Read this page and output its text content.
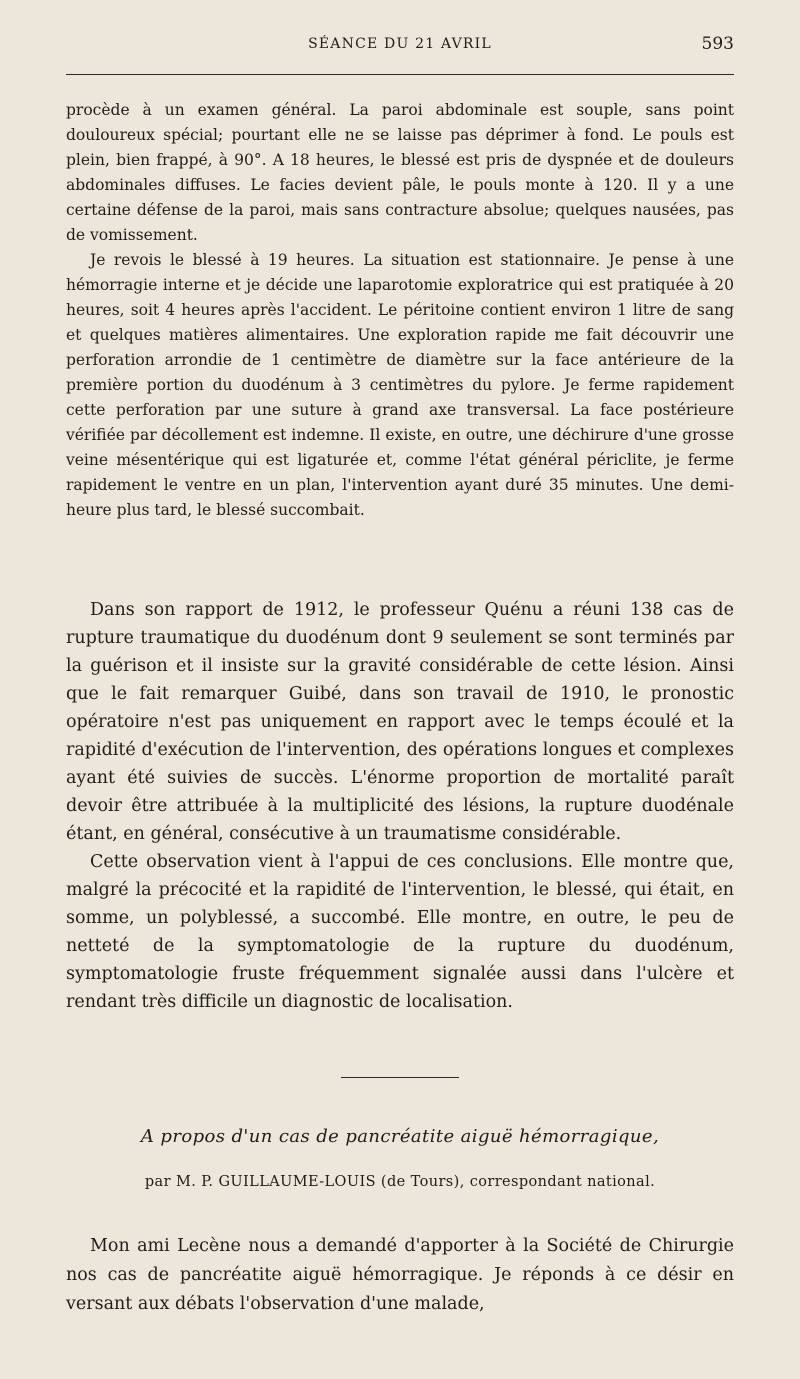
SÉANCE DU 21 AVRIL	593

procède à un examen général. La paroi abdominale est souple, sans point douloureux spécial; pourtant elle ne se laisse pas déprimer à fond. Le pouls est plein, bien frappé, à 90°. A 18 heures, le blessé est pris de dyspnée et de douleurs abdominales diffuses. Le facies devient pâle, le pouls monte à 120. Il y a une certaine défense de la paroi, mais sans contracture absolue; quelques nausées, pas de vomissement.

Je revois le blessé à 19 heures. La situation est stationnaire. Je pense à une hémorragie interne et je décide une laparotomie exploratrice qui est pratiquée à 20 heures, soit 4 heures après l'accident. Le péritoine contient environ 1 litre de sang et quelques matières alimentaires. Une exploration rapide me fait découvrir une perforation arrondie de 1 centimètre de diamètre sur la face antérieure de la première portion du duodénum à 3 centimètres du pylore. Je ferme rapidement cette perforation par une suture à grand axe transversal. La face postérieure vérifiée par décollement est indemne. Il existe, en outre, une déchirure d'une grosse veine mésentérique qui est ligaturée et, comme l'état général périclite, je ferme rapidement le ventre en un plan, l'intervention ayant duré 35 minutes. Une demi-heure plus tard, le blessé succombait.

Dans son rapport de 1912, le professeur Quénu a réuni 138 cas de rupture traumatique du duodénum dont 9 seulement se sont terminés par la guérison et il insiste sur la gravité considérable de cette lésion. Ainsi que le fait remarquer Guibé, dans son travail de 1910, le pronostic opératoire n'est pas uniquement en rapport avec le temps écoulé et la rapidité d'exécution de l'intervention, des opérations longues et complexes ayant été suivies de succès. L'énorme proportion de mortalité paraît devoir être attribuée à la multiplicité des lésions, la rupture duodénale étant, en général, consécutive à un traumatisme considérable.

Cette observation vient à l'appui de ces conclusions. Elle montre que, malgré la précocité et la rapidité de l'intervention, le blessé, qui était, en somme, un polyblessé, a succombé. Elle montre, en outre, le peu de netteté de la symptomatologie de la rupture du duodénum, symptomatologie fruste fréquemment signalée aussi dans l'ulcère et rendant très difficile un diagnostic de localisation.

A propos d'un cas de pancréatite aiguë hémorragique,
par M. P. GUILLAUME-LOUIS (de Tours), correspondant national.

Mon ami Lecène nous a demandé d'apporter à la Société de Chirurgie nos cas de pancréatite aiguë hémorragique. Je réponds à ce désir en versant aux débats l'observation d'une malade,
